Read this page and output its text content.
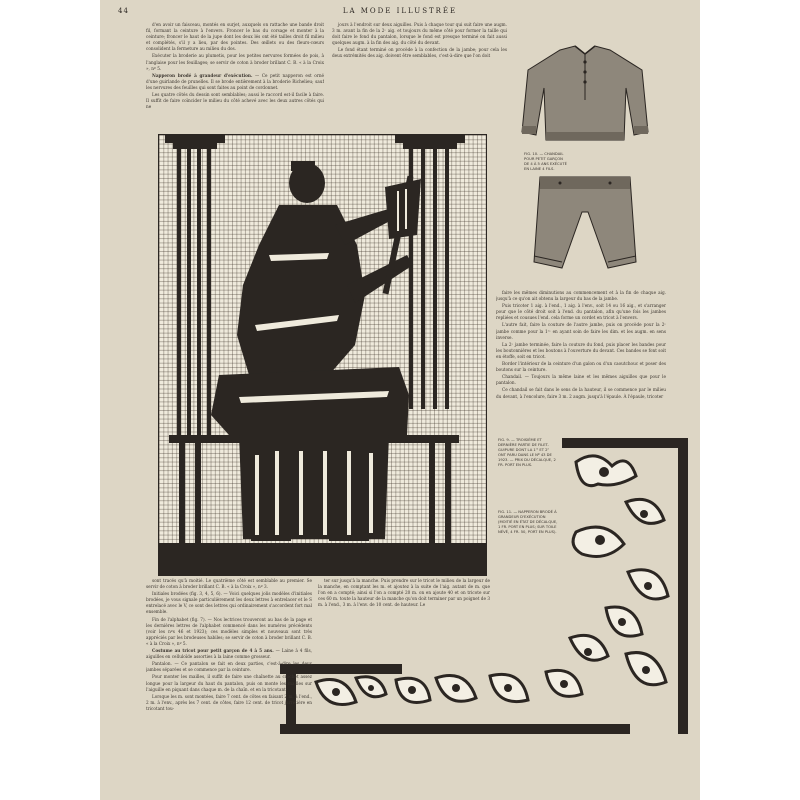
44	LA MODE ILLUSTRÉE

d'en avoir un faisceau, montés en surjet, auxquels on rattache une bande droit fil, formant la ceinture à l'envers. Froncer le bas du corsage et monter à la ceinture; froncer le haut de la jupe dont les deux lés ont été tailles droit fil milieu et complétés, s'il y a lieu, par des pointes. Des œillets ou des fleurs-cœurs consolident la fermeture au milieu du dos.

Exécuter la broderie au plumetis, pour les petites nervures formées de pois, à l'anglaise pour les feuillages; se servir de coton à broder brillant C. B. « à la Croix », nº 5.

Napperon brodé à grandeur d'exécution. — Ce petit napperon est orné d'une guirlande de prunelles. Il se brode entièrement à la broderie Richelieu; sauf les nervures des feuilles qui sont faites au point de cordonnet.

Les quatre côtés du dessin sont semblables; aussi le raccord est-il facile à faire. Il suffit de faire coïncider le milieu du côté achevé avec les deux autres côtés qui ne

jours à l'endroit sur deux aiguilles. Puis à chaque tour qui suit faire une augm. 3 m. avant la fin de la 2ᵉ aig. et toujours du même côté pour former la taille qui doit faire le fond du pantalon, lorsque le fond est presque terminé on fait aussi quelques augm. à la fin des aig. du côté du devant.

Le fond étant terminé on procède à la confection de la jambe; pour cela les deux extrémités des aig. doivent être semblables, c'est-à-dire que l'on doit

FIG. 10. — CHANDAIL POUR PETIT GARÇON DE 4 À 5 ANS EXÉCUTÉ EN LAINE 4 FILS.

faire les mêmes diminutions au commencement et à la fin de chaque aig. jusqu'à ce qu'on ait obtenu la largeur du bas de la jambe.

Puis tricoter 1 aig. à l'end., 1 aig. à l'env., soit 14 ou 16 aig., et s'arranger pour que le côté droit soit à l'end. du pantalon, afin qu'une fois les jambes repliées et cousues l'end. cela forme un cordet en tricot à l'envers.

L'autre fait, faire la couture de l'autre jambe, puis on procède pour la 2ᵉ jambe comme pour la 1ʳᵉ en ayant soin de faire les dim. et les augm. en sens inverse.

La 2ᵉ jambe terminée, faire la couture du fond, puis placer les bandes pour les boutonnières et les boutons à l'ouverture du devant. Ces bandes se font soit en étoffe, soit en tricot.

Border l'intérieur de la ceinture d'un galon ou d'un caoutchouc et poser des boutons sur la ceinture.

Chandail. — Toujours la même laine et les mêmes aiguilles que pour le pantalon.

Ce chandail se fait dans le sens de la hauteur, il se commence par le milieu du devant, à l'encolure, faire 3 m. 2 augm. jusqu'à l'épaule. À l'épaule, tricoter

FIG. 9. — TROISIÈME ET DERNIÈRE PARTIE DE FILET-GUIPURE DONT LA 1ʳᵉ ET 2ᵉ ONT PARU DANS LE Nº 43 DE 1923. — PRIX DU DÉCALQUE, 2 FR. PORT EN PLUS.
FIG. 11. — NAPPERON BRODÉ À GRANDEUR D'EXÉCUTION (MOITIÉ EN ÉTAT DE DÉCALQUE, 1 FR. PORT EN PLUS; SUR TOILE NÉVÉ, 4 FR. 50, PORT EN PLUS).

sont tracés qu'à moitié. Le quatrième côté est semblable au premier. Se servir de coton à broder brillant C. B. « à la Croix », nº 3.

Initiales brodées (fig. 3, 4, 5, 6). — Voici quelques jolis modèles d'initiales brodées, je vous signale particulièrement les deux lettres à entrelacer et le S entrelacé avec le V, ce sont des lettres qui ordinairement s'accordent fort mal ensemble.

Fin de l'alphabet (fig. 7). — Nos lectrices trouveront au bas de la page et les dernières lettres de l'alphabet commencé dans les numéros précédents (voir les nºs 46 et 1923); ces modèles simples et nouveaux sont très appréciés par les brodeuses habiles; se servir de coton à broder brillant C. B. « à la Croix », nº 5.

Costume au tricot pour petit garçon de 4 à 5 ans. — Laine à 4 fils, aiguilles en celluloïde assorties à la laine comme grosseur.

Pantalon. — Ce pantalon se fait en deux parties, c'est-à-dire les deux jambes séparées et se commence par la ceinture.

Pour monter les mailles, il suffit de faire une chaînette au crochet assez longue pour la largeur du haut du pantalon, puis on monte les mailles sur l'aiguille en piquant dans chaque m. de la chaîn. et en la tricotant.

Lorsque les m. sont montées, faire 7 cent. de côtes en faisant 2 m. à l'end., 2 m. à l'env., après les 7 cent. de côtes, faire 12 cent. de tricot jarretière en tricotant tou-

ter sur jusqu'à la manche. Puis prendre sur le tricot le milieu de la largeur de la manche, en comptant les m. et ajoutez à la suite de l'aig. autant de m. que l'on en a compté; ainsi si l'on a compté 20 m. on en ajoute 40 et on tricote sur ces 60 m. toute la hauteur de la manche qu'on doit terminer par un poignet de 3 m. à l'end., 3 m. à l'env. de 10 cent. de hauteur. Le
